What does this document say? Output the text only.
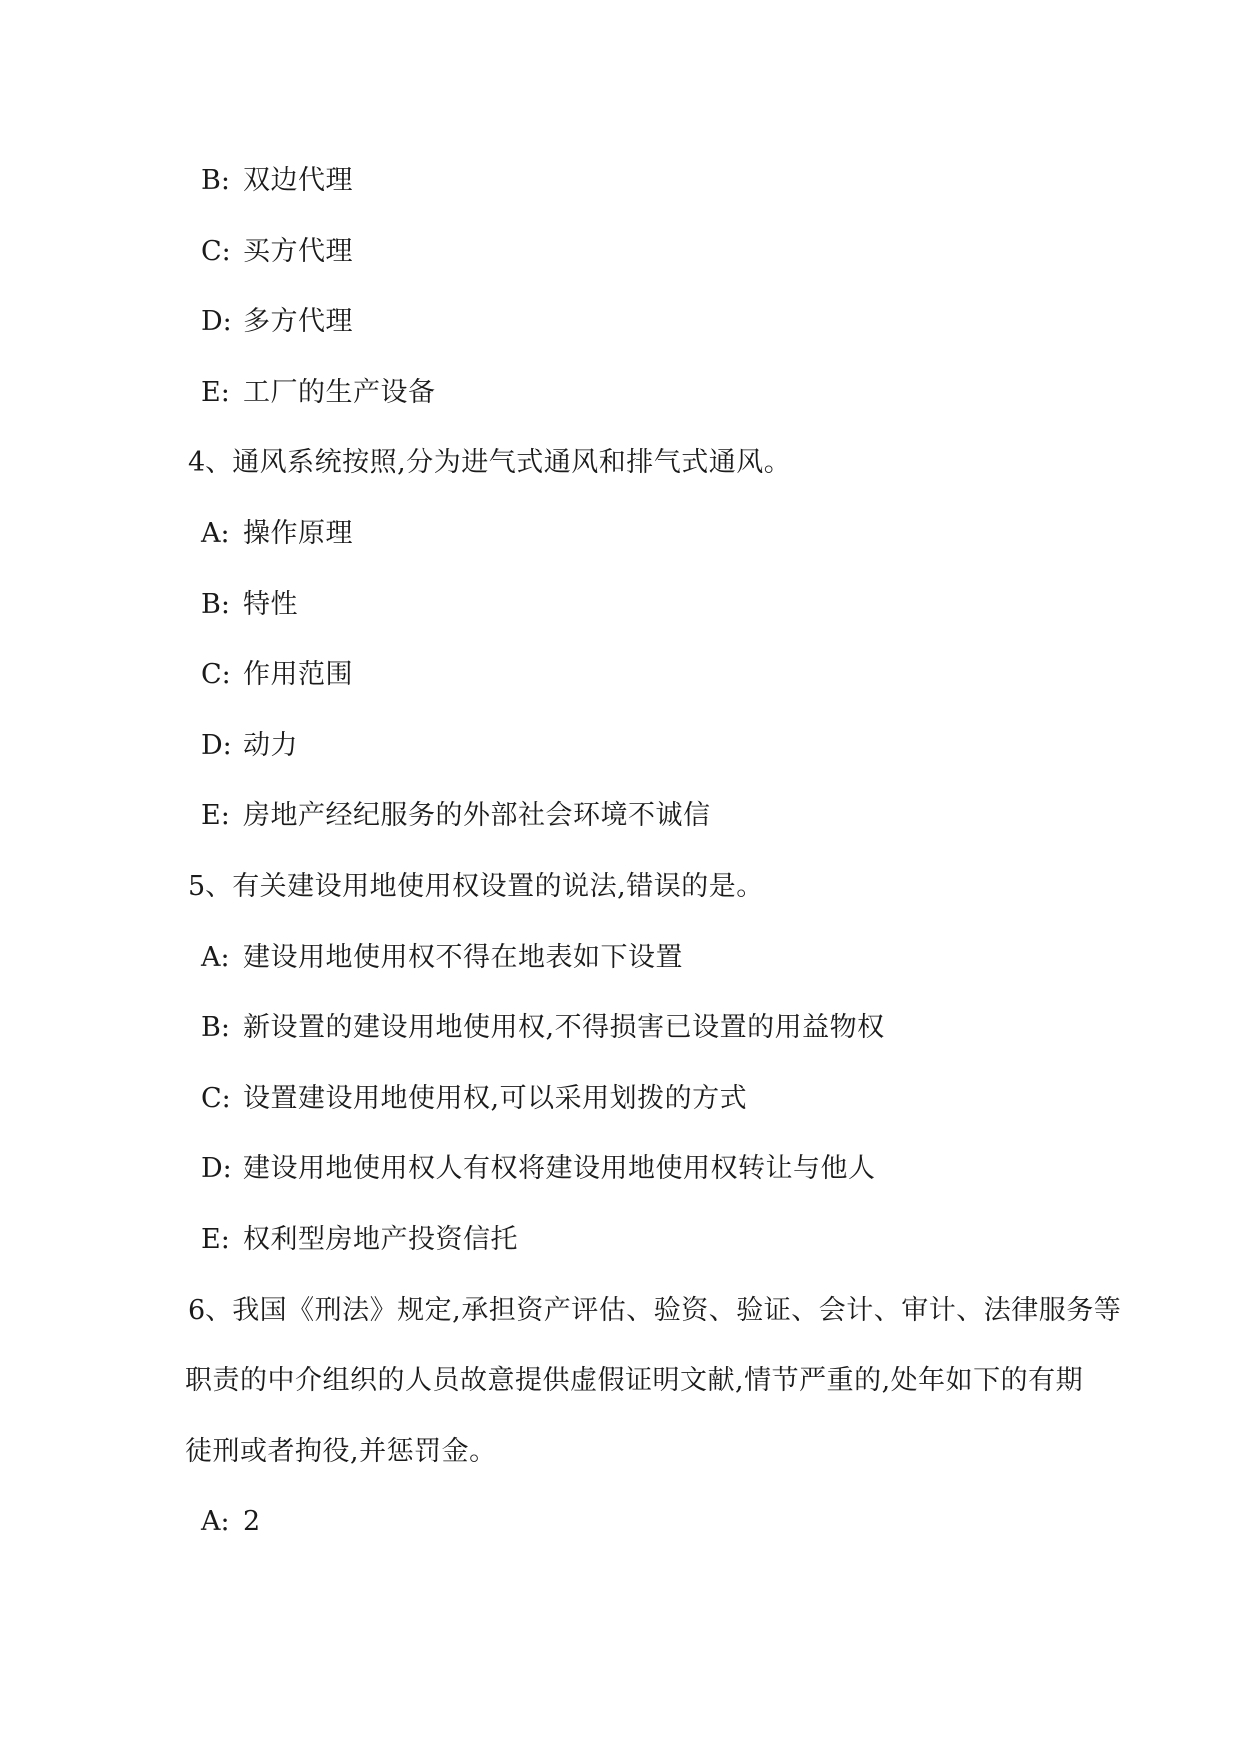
B: 双边代理
C: 买方代理
D: 多方代理
E: 工厂的生产设备
4、通风系统按照,分为进气式通风和排气式通风。
A: 操作原理
B: 特性
C: 作用范围
D: 动力
E: 房地产经纪服务的外部社会环境不诚信
5、有关建设用地使用权设置的说法,错误的是。
A: 建设用地使用权不得在地表如下设置
B: 新设置的建设用地使用权,不得损害已设置的用益物权
C: 设置建设用地使用权,可以采用划拨的方式
D: 建设用地使用权人有权将建设用地使用权转让与他人
E: 权利型房地产投资信托
6、我国《刑法》规定,承担资产评估、验资、验证、会计、审计、法律服务等
职责的中介组织的人员故意提供虚假证明文献,情节严重的,处年如下的有期
徒刑或者拘役,并惩罚金。
A: 2
